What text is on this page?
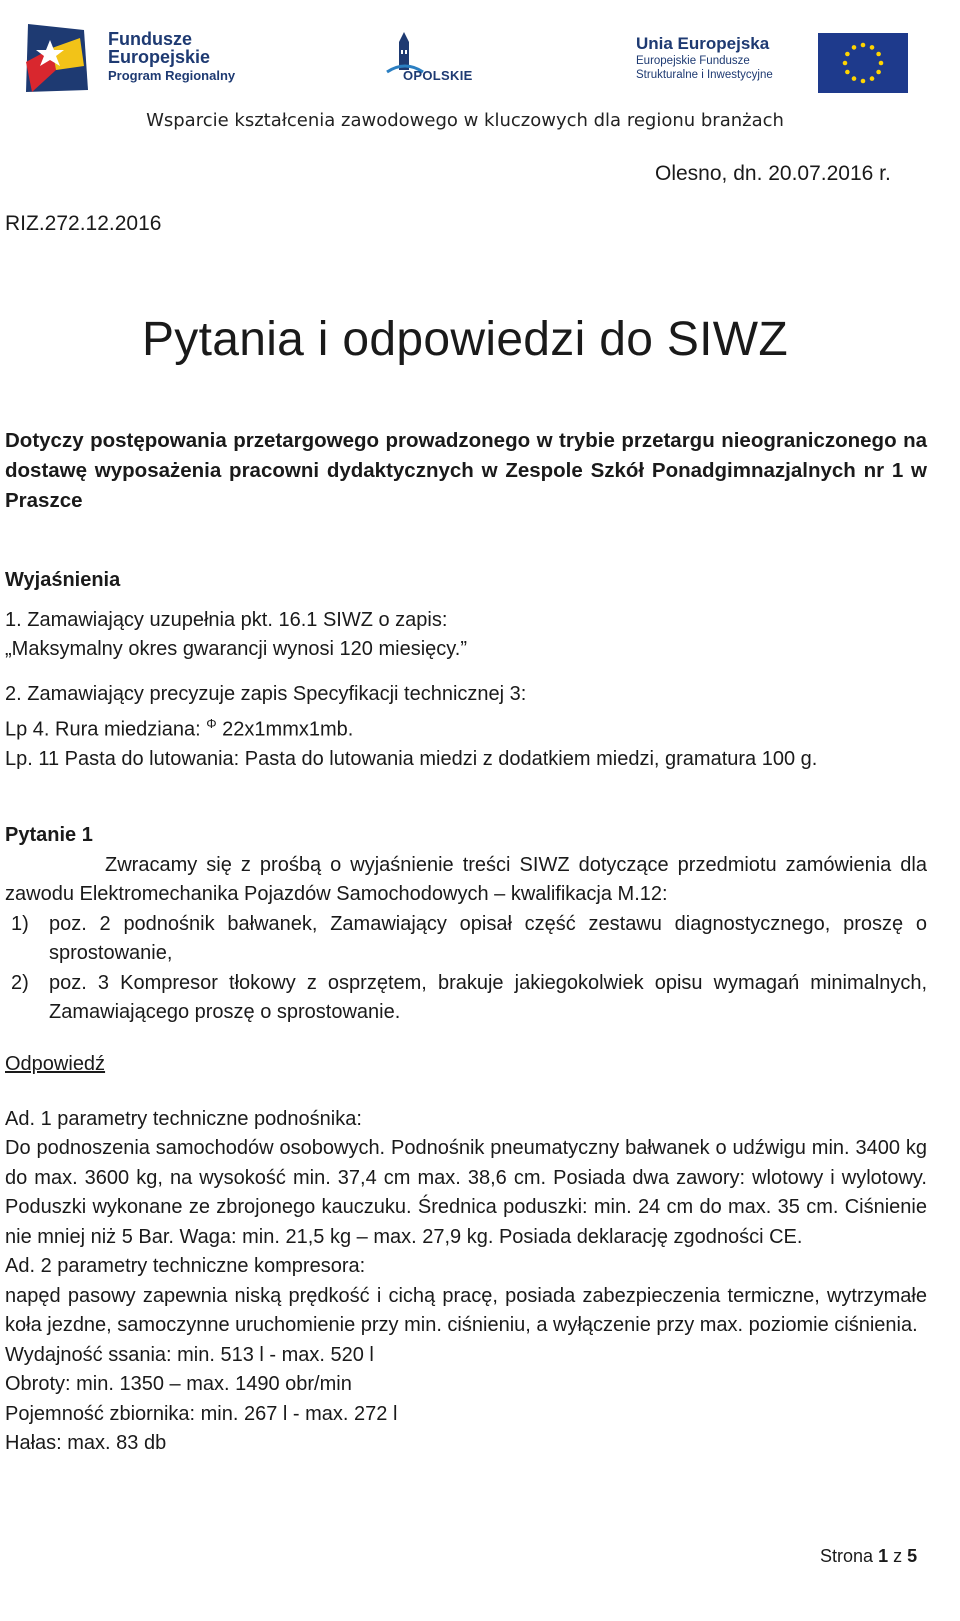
Fundusze
Europejskie
Program Regionalny	OPOLSKIE
Unia Europejska
Europejskie Fundusze
Strukturalne i Inwestycyjne
Wsparcie kształcenia zawodowego w kluczowych dla regionu branżach
Olesno, dn. 20.07.2016 r.
RIZ.272.12.2016
Pytania i odpowiedzi do SIWZ
Dotyczy postępowania przetargowego prowadzonego w trybie przetargu nieograniczonego na dostawę wyposażenia pracowni dydaktycznych w Zespole Szkół Ponadgimnazjalnych nr 1 w Praszce

Wyjaśnienia

1. Zamawiający uzupełnia pkt. 16.1 SIWZ o zapis:

„Maksymalny okres gwarancji wynosi 120 miesięcy.”

2. Zamawiający precyzuje zapis Specyfikacji technicznej 3:

Lp 4. Rura miedziana: $^\Phi$ 22x1mmx1mb.

Lp. 11 Pasta do lutowania: Pasta do lutowania miedzi z dodatkiem miedzi, gramatura 100 g.

Pytanie 1

Zwracamy się z prośbą o wyjaśnienie treści SIWZ dotyczące przedmiotu zamówienia dla zawodu Elektromechanika Pojazdów Samochodowych – kwalifikacja M.12:

1) poz. 2 podnośnik bałwanek, Zamawiający opisał część zestawu diagnostycznego, proszę o sprostowanie,
2) poz. 3 Kompresor tłokowy z osprzętem, brakuje jakiegokolwiek opisu wymagań minimalnych, Zamawiającego proszę o sprostowanie.

Odpowiedź

Ad. 1 parametry techniczne podnośnika:

Do podnoszenia samochodów osobowych. Podnośnik pneumatyczny bałwanek o udźwigu min. 3400 kg do max. 3600 kg, na wysokość min. 37,4 cm max. 38,6 cm. Posiada dwa zawory: wlotowy i wylotowy. Poduszki wykonane ze zbrojonego kauczuku. Średnica poduszki: min. 24 cm do max. 35 cm. Ciśnienie nie mniej niż 5 Bar. Waga: min. 21,5 kg – max. 27,9 kg. Posiada deklarację zgodności CE.

Ad. 2 parametry techniczne kompresora:

napęd pasowy zapewnia niską prędkość i cichą pracę, posiada zabezpieczenia termiczne, wytrzymałe koła jezdne, samoczynne uruchomienie przy min. ciśnieniu, a wyłączenie przy max. poziomie ciśnienia.

Wydajność ssania: min. 513 l - max. 520 l

Obroty: min. 1350 – max. 1490 obr/min

Pojemność zbiornika: min. 267 l - max. 272 l

Hałas: max. 83 db

Strona 1 z 5
